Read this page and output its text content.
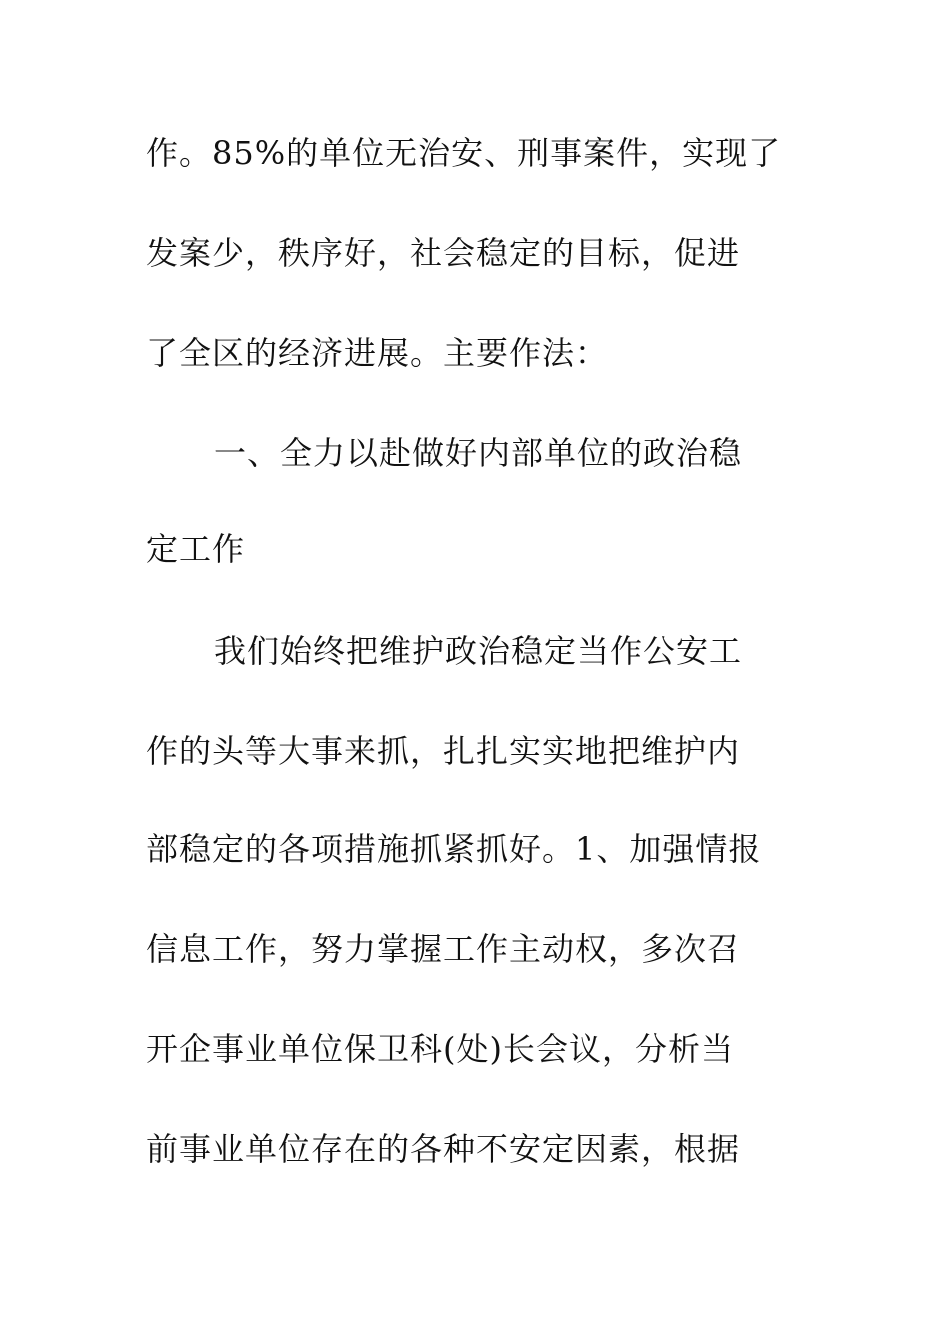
作。85%的单位无治安、刑事案件，实现了
发案少，秩序好，社会稳定的目标，促进
了全区的经济进展。主要作法：
一、全力以赴做好内部单位的政治稳
定工作
我们始终把维护政治稳定当作公安工
作的头等大事来抓，扎扎实实地把维护内
部稳定的各项措施抓紧抓好。1、加强情报
信息工作，努力掌握工作主动权，多次召
开企事业单位保卫科(处)长会议，分析当
前事业单位存在的各种不安定因素，根据
